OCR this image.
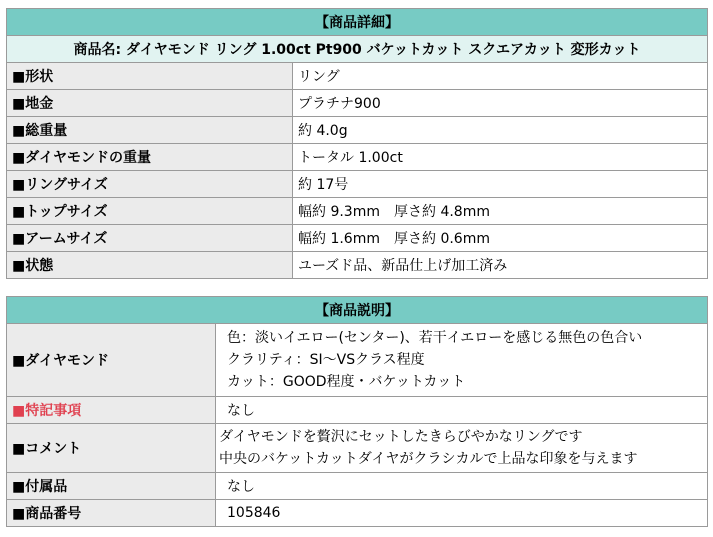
【商品詳細】	
商品名: ダイヤモンド リング 1.00ct Pt900 バケットカット スクエアカット 変形カット	
■形状	リング
■地金	プラチナ900
■総重量	約 4.0g
■ダイヤモンドの重量	トータル 1.00ct
■リングサイズ	約 17号
■トップサイズ	幅約 9.3mm　厚さ約 4.8mm
■アームサイズ	幅約 1.6mm　厚さ約 0.6mm
■状態	ユーズド品、新品仕上げ加工済み
【商品説明】	
■ダイヤモンド	色：淡いイエロー(センター)、若干イエローを感じる無色の色合い
クラリティ：SI～VSクラス程度
カット：GOOD程度・バケットカット

■特記事項	なし
■コメント	ダイヤモンドを贅沢にセットしたきらびやかなリングです
中央のバケットカットダイヤがクラシカルで上品な印象を与えます

■付属品	なし
■商品番号	105846
